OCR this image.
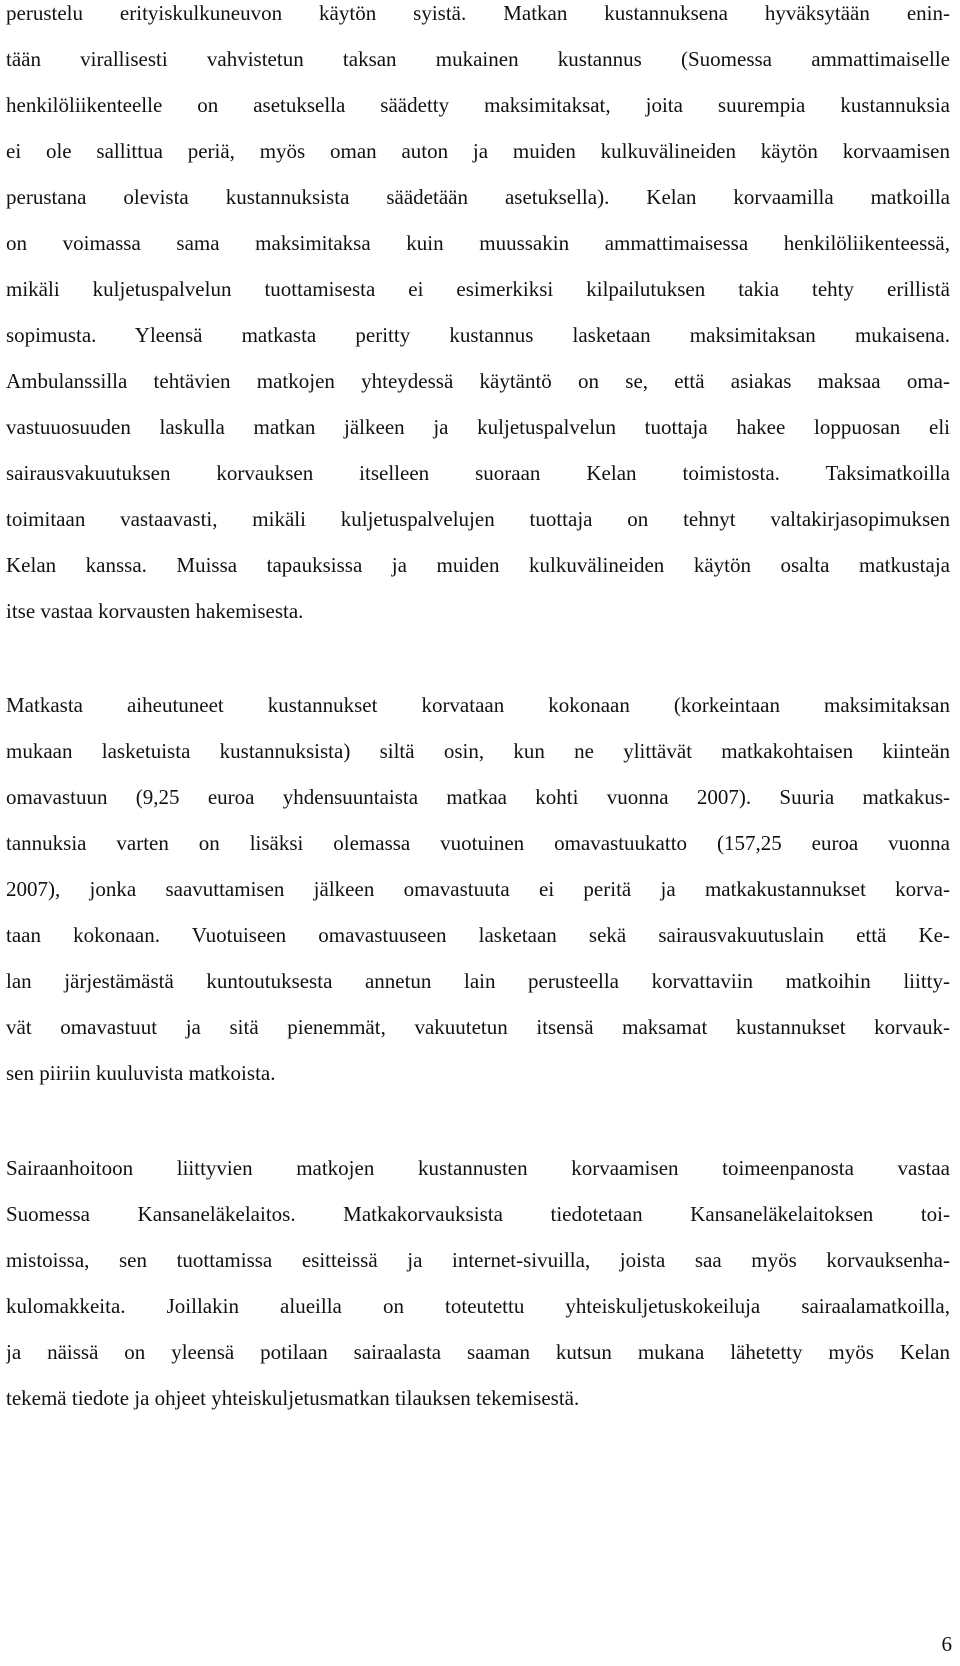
perustelu erityiskulkuneuvon käytön syistä. Matkan kustannuksena hyväksytään enin-
tään virallisesti vahvistetun taksan mukainen kustannus (Suomessa ammattimaiselle
henkilöliikenteelle on asetuksella säädetty maksimitaksat, joita suurempia kustannuksia
ei ole sallittua periä, myös oman auton ja muiden kulkuvälineiden käytön korvaamisen
perustana olevista kustannuksista säädetään asetuksella). Kelan korvaamilla matkoilla
on voimassa sama maksimitaksa kuin muussakin ammattimaisessa henkilöliikenteessä,
mikäli kuljetuspalvelun tuottamisesta ei esimerkiksi kilpailutuksen takia tehty erillistä
sopimusta. Yleensä matkasta peritty kustannus lasketaan maksimitaksan mukaisena.
Ambulanssilla tehtävien matkojen yhteydessä käytäntö on se, että asiakas maksaa oma-
vastuuosuuden laskulla matkan jälkeen ja kuljetuspalvelun tuottaja hakee loppuosan eli
sairausvakuutuksen korvauksen itselleen suoraan Kelan toimistosta. Taksimatkoilla
toimitaan vastaavasti, mikäli kuljetuspalvelujen tuottaja on tehnyt valtakirjasopimuksen
Kelan kanssa. Muissa tapauksissa ja muiden kulkuvälineiden käytön osalta matkustaja
itse vastaa korvausten hakemisesta.
Matkasta aiheutuneet kustannukset korvataan kokonaan (korkeintaan maksimitaksan
mukaan lasketuista kustannuksista) siltä osin, kun ne ylittävät matkakohtaisen kiinteän
omavastuun (9,25 euroa yhdensuuntaista matkaa kohti vuonna 2007). Suuria matkakus-
tannuksia varten on lisäksi olemassa vuotuinen omavastuukatto (157,25 euroa vuonna
2007), jonka saavuttamisen jälkeen omavastuuta ei peritä ja matkakustannukset korva-
taan kokonaan. Vuotuiseen omavastuuseen lasketaan sekä sairausvakuutuslain että Ke-
lan järjestämästä kuntoutuksesta annetun lain perusteella korvattaviin matkoihin liitty-
vät omavastuut ja sitä pienemmät, vakuutetun itsensä maksamat kustannukset korvauk-
sen piiriin kuuluvista matkoista.
Sairaanhoitoon liittyvien matkojen kustannusten korvaamisen toimeenpanosta vastaa
Suomessa Kansaneläkelaitos. Matkakorvauksista tiedotetaan Kansaneläkelaitoksen toi-
mistoissa, sen tuottamissa esitteissä ja internet-sivuilla, joista saa myös korvauksenha-
kulomakkeita. Joillakin alueilla on toteutettu yhteiskuljetuskokeiluja sairaalamatkoilla,
ja näissä on yleensä potilaan sairaalasta saaman kutsun mukana lähetetty myös Kelan
tekemä tiedote ja ohjeet yhteiskuljetusmatkan tilauksen tekemisestä.
6
